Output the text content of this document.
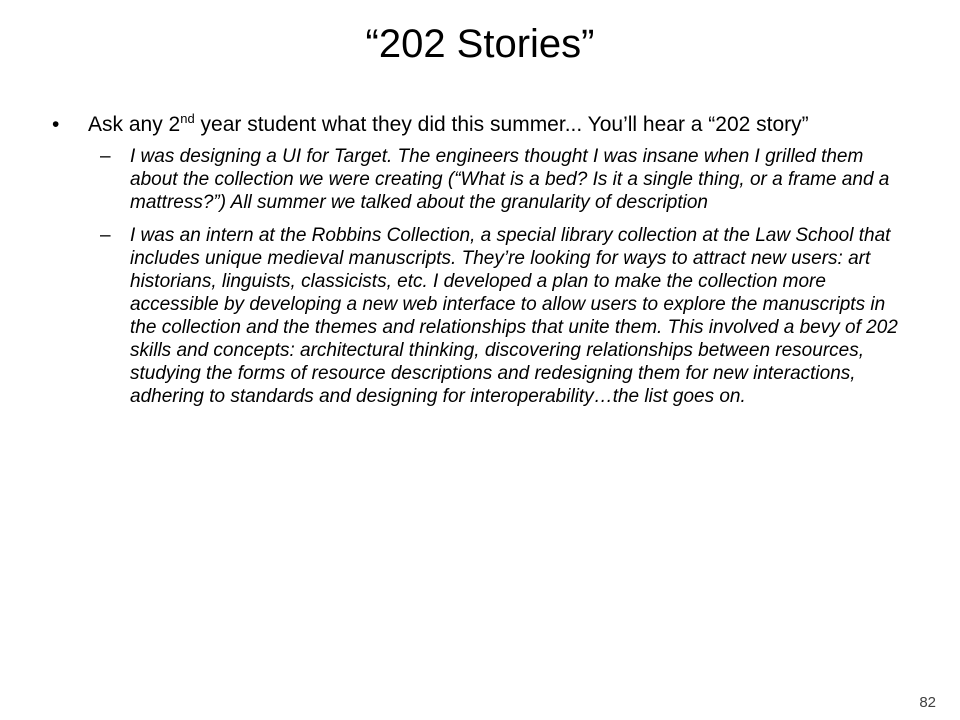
“202 Stories”
• Ask any 2nd year student what they did this summer... You’ll hear a “202 story”
– I was designing a UI for Target. The engineers thought I was insane when I grilled them about the collection we were creating (“What is a bed? Is it a single thing, or a frame and a mattress?”) All summer we talked about the granularity of description
– I was an intern at the Robbins Collection, a special library collection at the Law School that includes unique medieval manuscripts. They’re looking for ways to attract new users: art historians, linguists, classicists, etc. I developed a plan to make the collection more accessible by developing a new web interface to allow users to explore the manuscripts in the collection and the themes and relationships that unite them. This involved a bevy of 202 skills and concepts: architectural thinking, discovering relationships between resources, studying the forms of resource descriptions and redesigning them for new interactions, adhering to standards and designing for interoperability…the list goes on.
82
